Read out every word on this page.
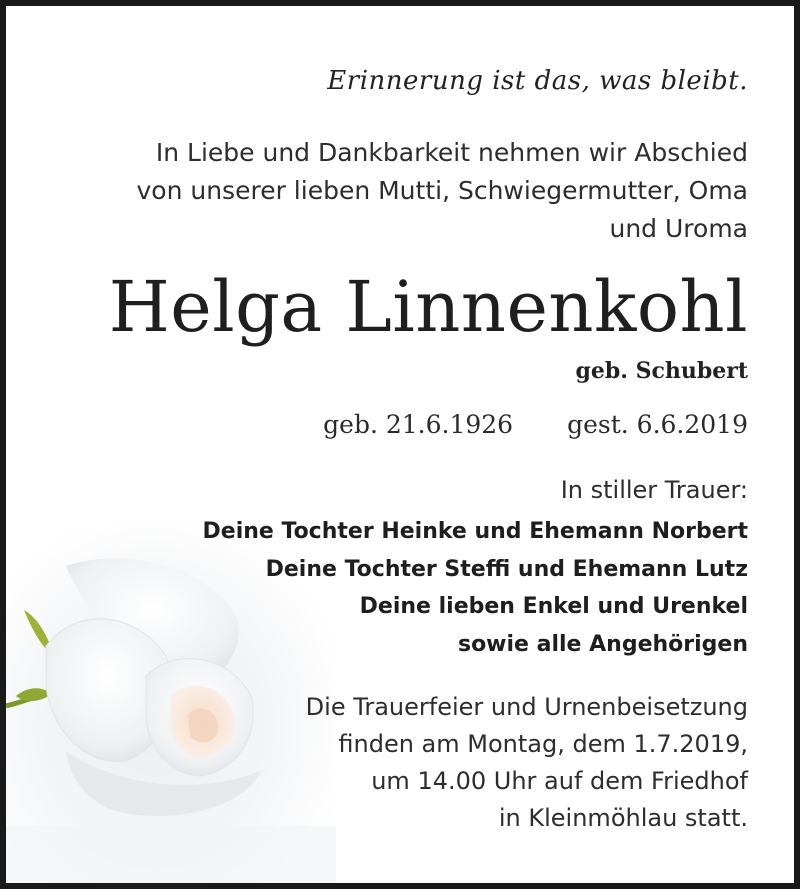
Erinnerung ist das, was bleibt.
In Liebe und Dankbarkeit nehmen wir Abschied
von unserer lieben Mutti, Schwiegermutter, Oma
und Uroma
Helga Linnenkohl
geb. Schubert
geb. 21.6.1926 gest. 6.6.2019
In stiller Trauer:
Deine Tochter Heinke und Ehemann Norbert
Deine Tochter Steffi und Ehemann Lutz
Deine lieben Enkel und Urenkel
sowie alle Angehörigen
Die Trauerfeier und Urnenbeisetzung
finden am Montag, dem 1.7.2019,
um 14.00 Uhr auf dem Friedhof
in Kleinmöhlau statt.
